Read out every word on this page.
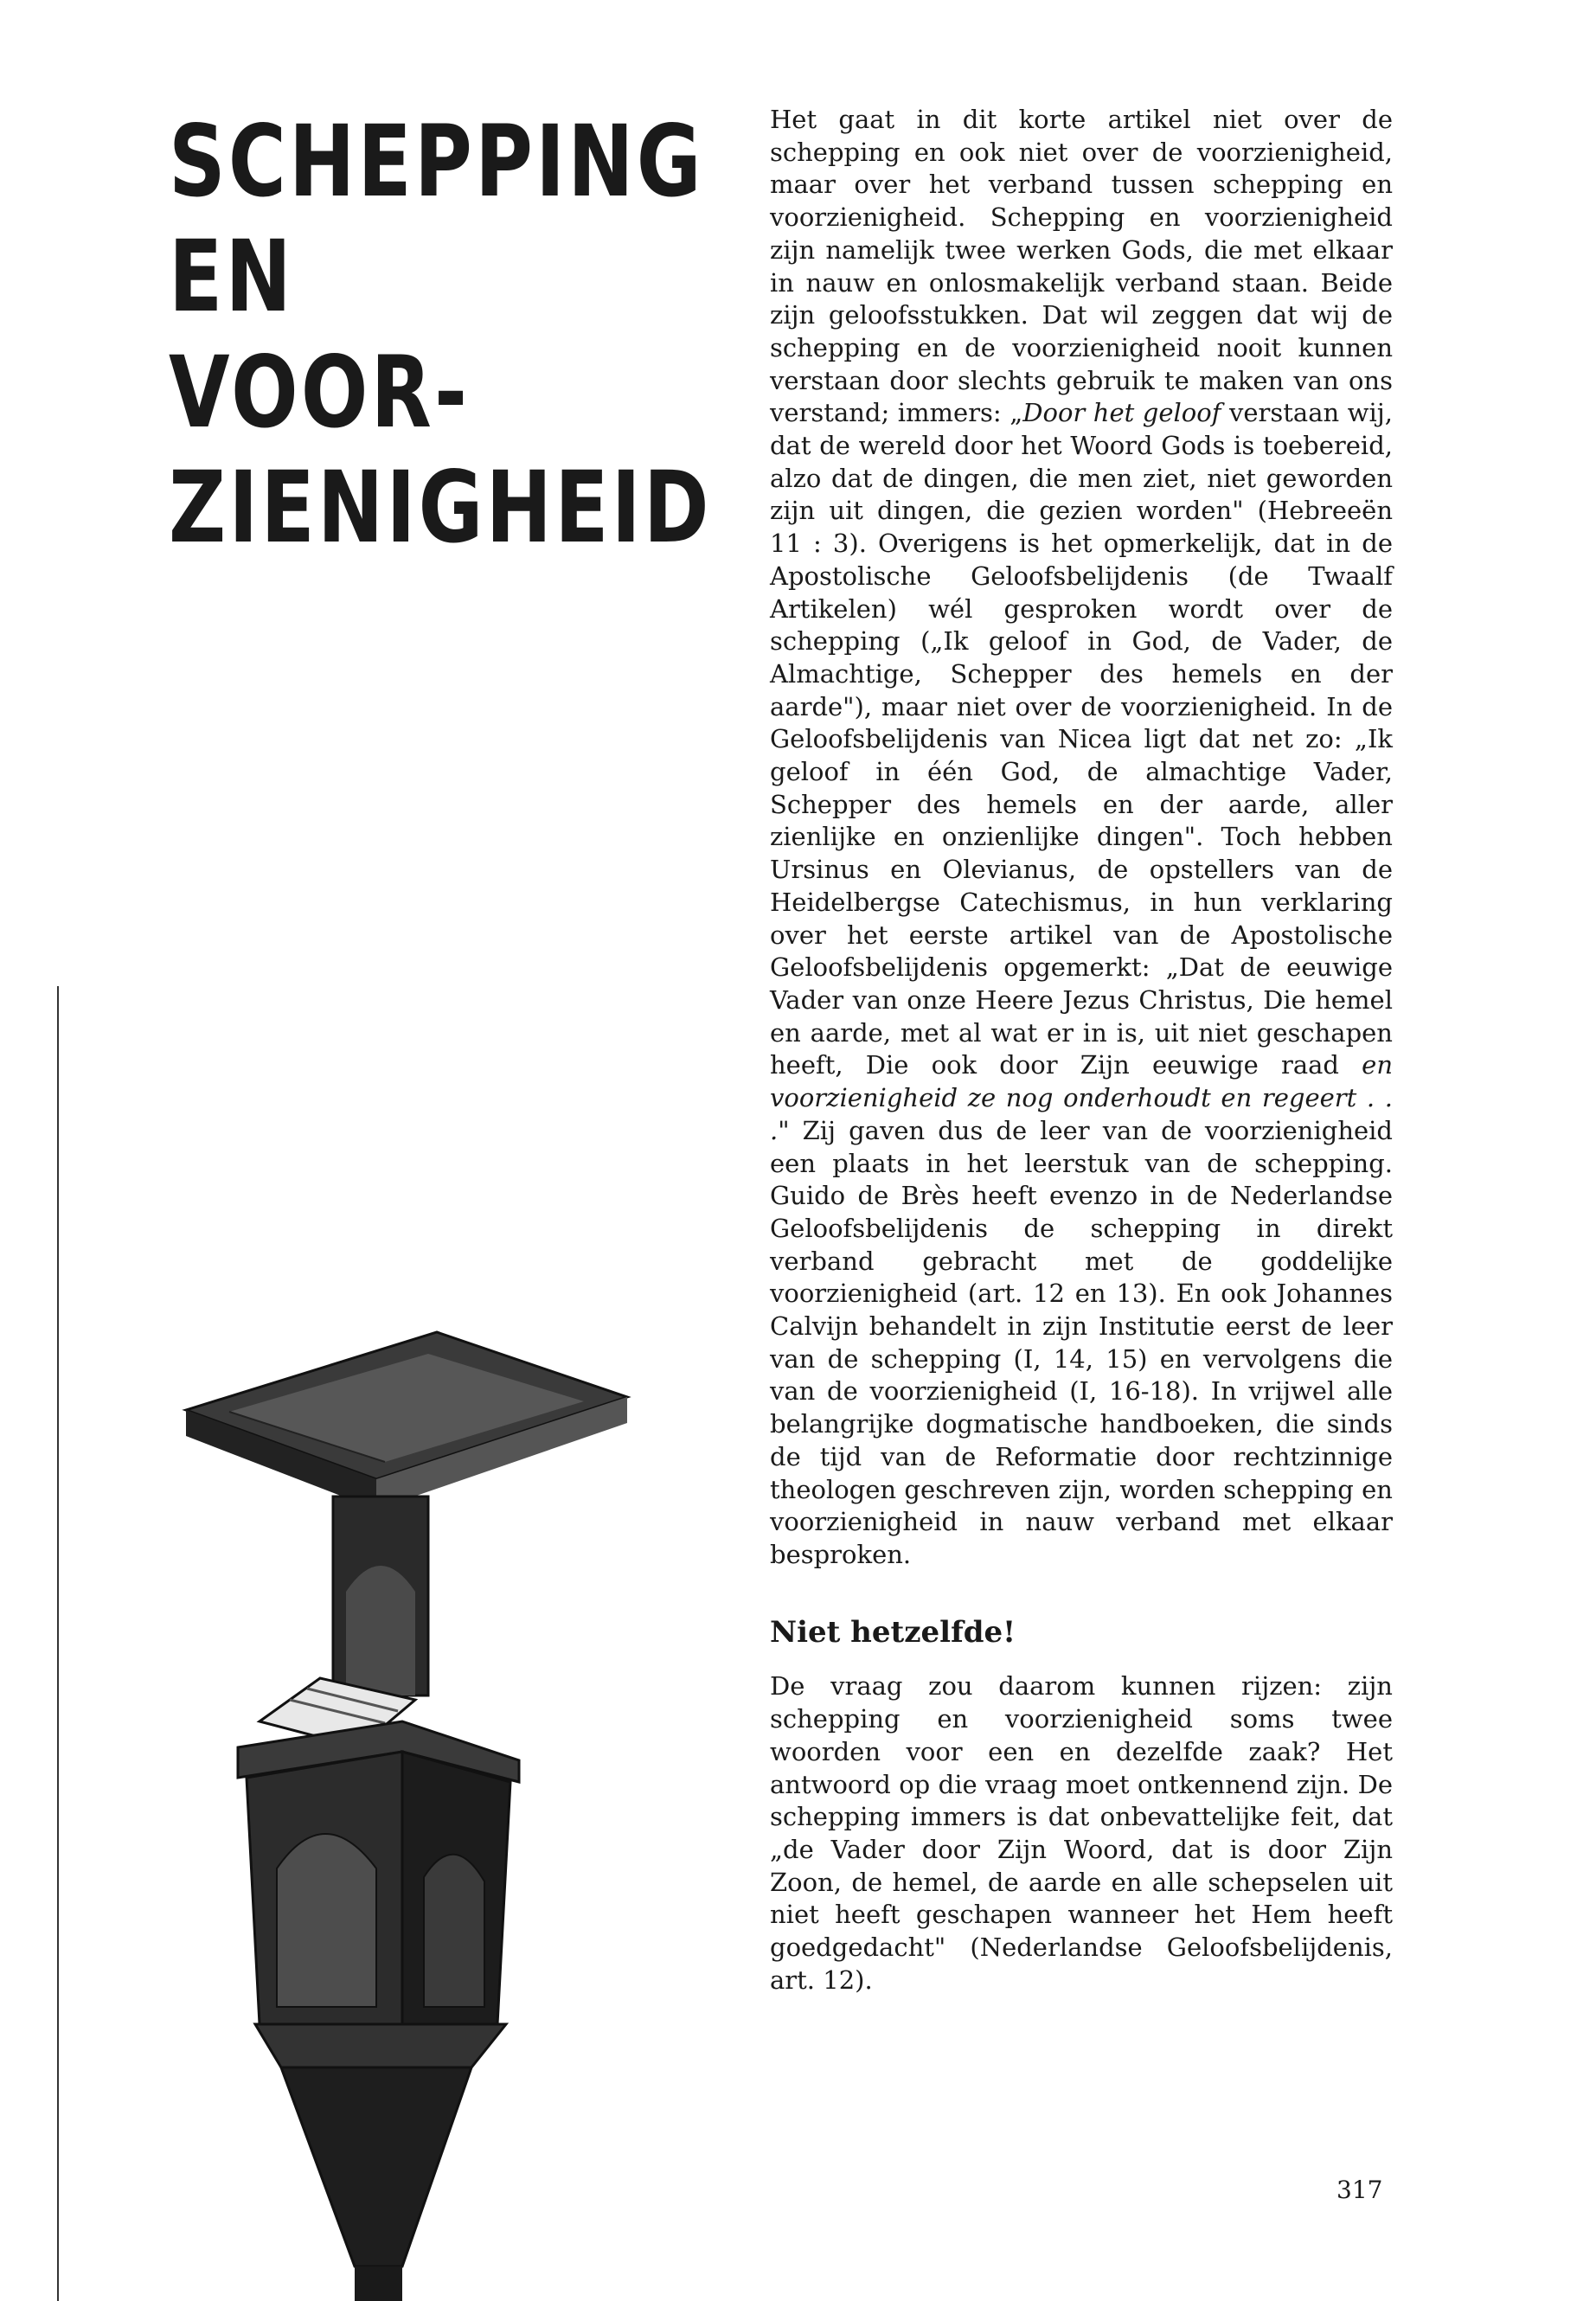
SCHEPPING
EN
VOOR-
ZIENIGHEID

Het gaat in dit korte artikel niet over de schepping en ook niet over de voorzienigheid, maar over het verband tussen schepping en voorzienigheid. Schepping en voorzienigheid zijn namelijk twee werken Gods, die met elkaar in nauw en onlosmakelijk verband staan. Beide zijn geloofsstukken. Dat wil zeggen dat wij de schepping en de voorzienigheid nooit kunnen verstaan door slechts gebruik te maken van ons verstand; immers: „Door het geloof verstaan wij, dat de wereld door het Woord Gods is toebereid, alzo dat de dingen, die men ziet, niet geworden zijn uit dingen, die gezien worden" (Hebreeën 11 : 3). Overigens is het opmerkelijk, dat in de Apostolische Geloofsbelijdenis (de Twaalf Artikelen) wél gesproken wordt over de schepping („Ik geloof in God, de Vader, de Almachtige, Schepper des hemels en der aarde"), maar niet over de voorzienigheid. In de Geloofsbelijdenis van Nicea ligt dat net zo: „Ik geloof in één God, de almachtige Vader, Schepper des hemels en der aarde, aller zienlijke en onzienlijke dingen". Toch hebben Ursinus en Olevianus, de opstellers van de Heidelbergse Catechismus, in hun verklaring over het eerste artikel van de Apostolische Geloofsbelijdenis opgemerkt: „Dat de eeuwige Vader van onze Heere Jezus Christus, Die hemel en aarde, met al wat er in is, uit niet geschapen heeft, Die ook door Zijn eeuwige raad en voorzienigheid ze nog onderhoudt en regeert . . ." Zij gaven dus de leer van de voorzienigheid een plaats in het leerstuk van de schepping. Guido de Brès heeft evenzo in de Nederlandse Geloofsbelijdenis de schepping in direkt verband gebracht met de goddelijke voorzienigheid (art. 12 en 13). En ook Johannes Calvijn behandelt in zijn Institutie eerst de leer van de schepping (I, 14, 15) en vervolgens die van de voorzienigheid (I, 16-18). In vrijwel alle belangrijke dogmatische handboeken, die sinds de tijd van de Reformatie door rechtzinnige theologen geschreven zijn, worden schepping en voorzienigheid in nauw verband met elkaar besproken.

Niet hetzelfde!

De vraag zou daarom kunnen rijzen: zijn schepping en voorzienigheid soms twee woorden voor een en dezelfde zaak? Het antwoord op die vraag moet ontkennend zijn. De schepping immers is dat onbevattelijke feit, dat „de Vader door Zijn Woord, dat is door Zijn Zoon, de hemel, de aarde en alle schepselen uit niet heeft geschapen wanneer het Hem heeft goedgedacht" (Nederlandse Geloofsbelijdenis, art. 12).

317
